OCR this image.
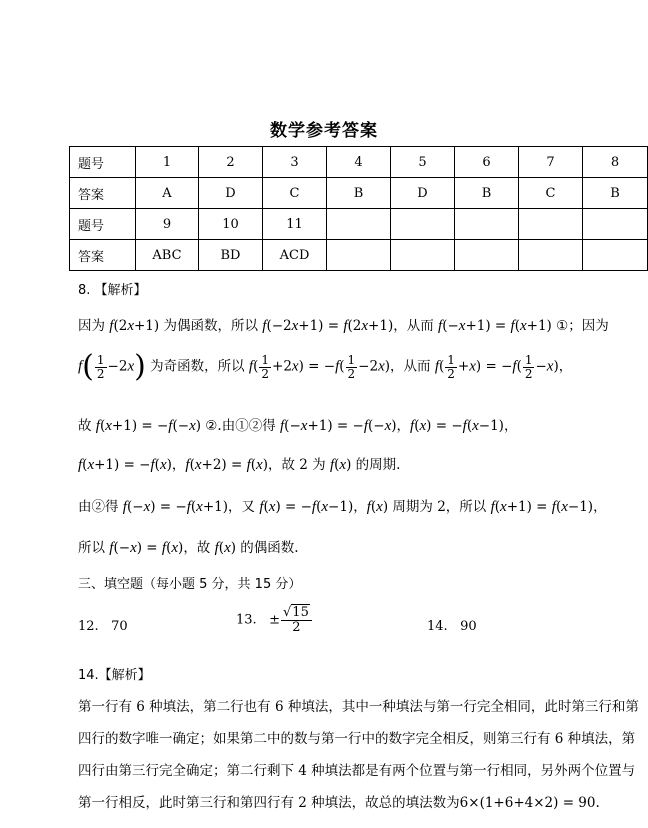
数学参考答案
题号	1	2	3	4	5	6	7	8
答案	A	D	C	B	D	B	C	B
题号	9	10	11					
答案	ABC	BD	ACD					
8. 【解析】
因为 f(2x+1) 为偶函数，所以 f(−2x+1) = f(2x+1)，从而 f(−x+1) = f(x+1) ①；因为
$f( \frac{1}{2} -2x)$ 为奇函数，所以 $f( \frac{1}{2} +2x) = -f( \frac{1}{2} -2x)$，从而 $f( \frac{1}{2} +x) = -f( \frac{1}{2} -x)$，
故 f(x+1) = −f(−x) ②.由①②得 f(−x+1) = −f(−x)，f(x) = −f(x−1)，
f(x+1) = −f(x)，f(x+2) = f(x)，故 2 为 f(x) 的周期.
由②得 f(−x) = −f(x+1)，又 f(x) = −f(x−1)，f(x) 周期为 2，所以 f(x+1) = f(x−1)，
所以 f(−x) = f(x)，故 f(x) 的偶函数.
三、填空题（每小题 5 分，共 15 分）
12. 70	13. ± $\frac{√15}{2}$	14. 90
14.【解析】
第一行有 6 种填法，第二行也有 6 种填法，其中一种填法与第一行完全相同，此时第三行和第
四行的数字唯一确定；如果第二中的数与第一行中的数字完全相反，则第三行有 6 种填法，第
四行由第三行完全确定；第二行剩下 4 种填法都是有两个位置与第一行相同，另外两个位置与
第一行相反，此时第三行和第四行有 2 种填法，故总的填法数为6×(1+6+4×2) = 90.
